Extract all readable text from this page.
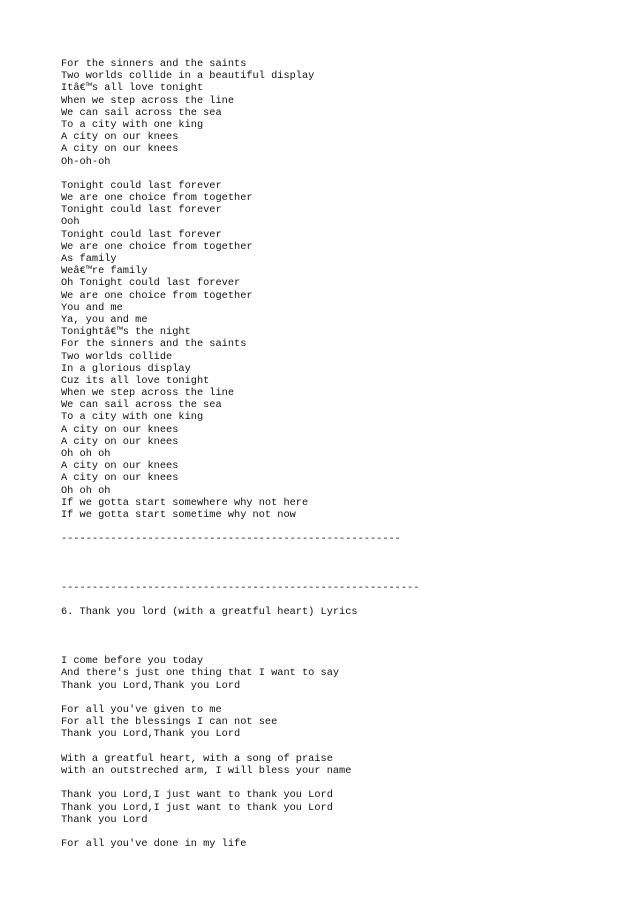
For the sinners and the saints
Two worlds collide in a beautiful display
Itâ€™s all love tonight
When we step across the line
We can sail across the sea
To a city with one king
A city on our knees
A city on our knees
Oh-oh-oh
Tonight could last forever
We are one choice from together
Tonight could last forever
Ooh
Tonight could last forever
We are one choice from together
As family
Weâ€™re family
Oh Tonight could last forever
We are one choice from together
You and me
Ya, you and me
Tonightâ€™s the night
For the sinners and the saints
Two worlds collide
In a glorious display
Cuz its all love tonight
When we step across the line
We can sail across the sea
To a city with one king
A city on our knees
A city on our knees
Oh oh oh
A city on our knees
A city on our knees
Oh oh oh
If we gotta start somewhere why not here
If we gotta start sometime why not now
-------------------------------------------------------
----------------------------------------------------------
6. Thank you lord (with a greatful heart) Lyrics
I come before you today
And there's just one thing that I want to say
Thank you Lord,Thank you Lord
For all you've given to me
For all the blessings I can not see
Thank you Lord,Thank you Lord
With a greatful heart, with a song of praise
with an outstreched arm, I will bless your name
Thank you Lord,I just want to thank you Lord
Thank you Lord,I just want to thank you Lord
Thank you Lord
For all you've done in my life
